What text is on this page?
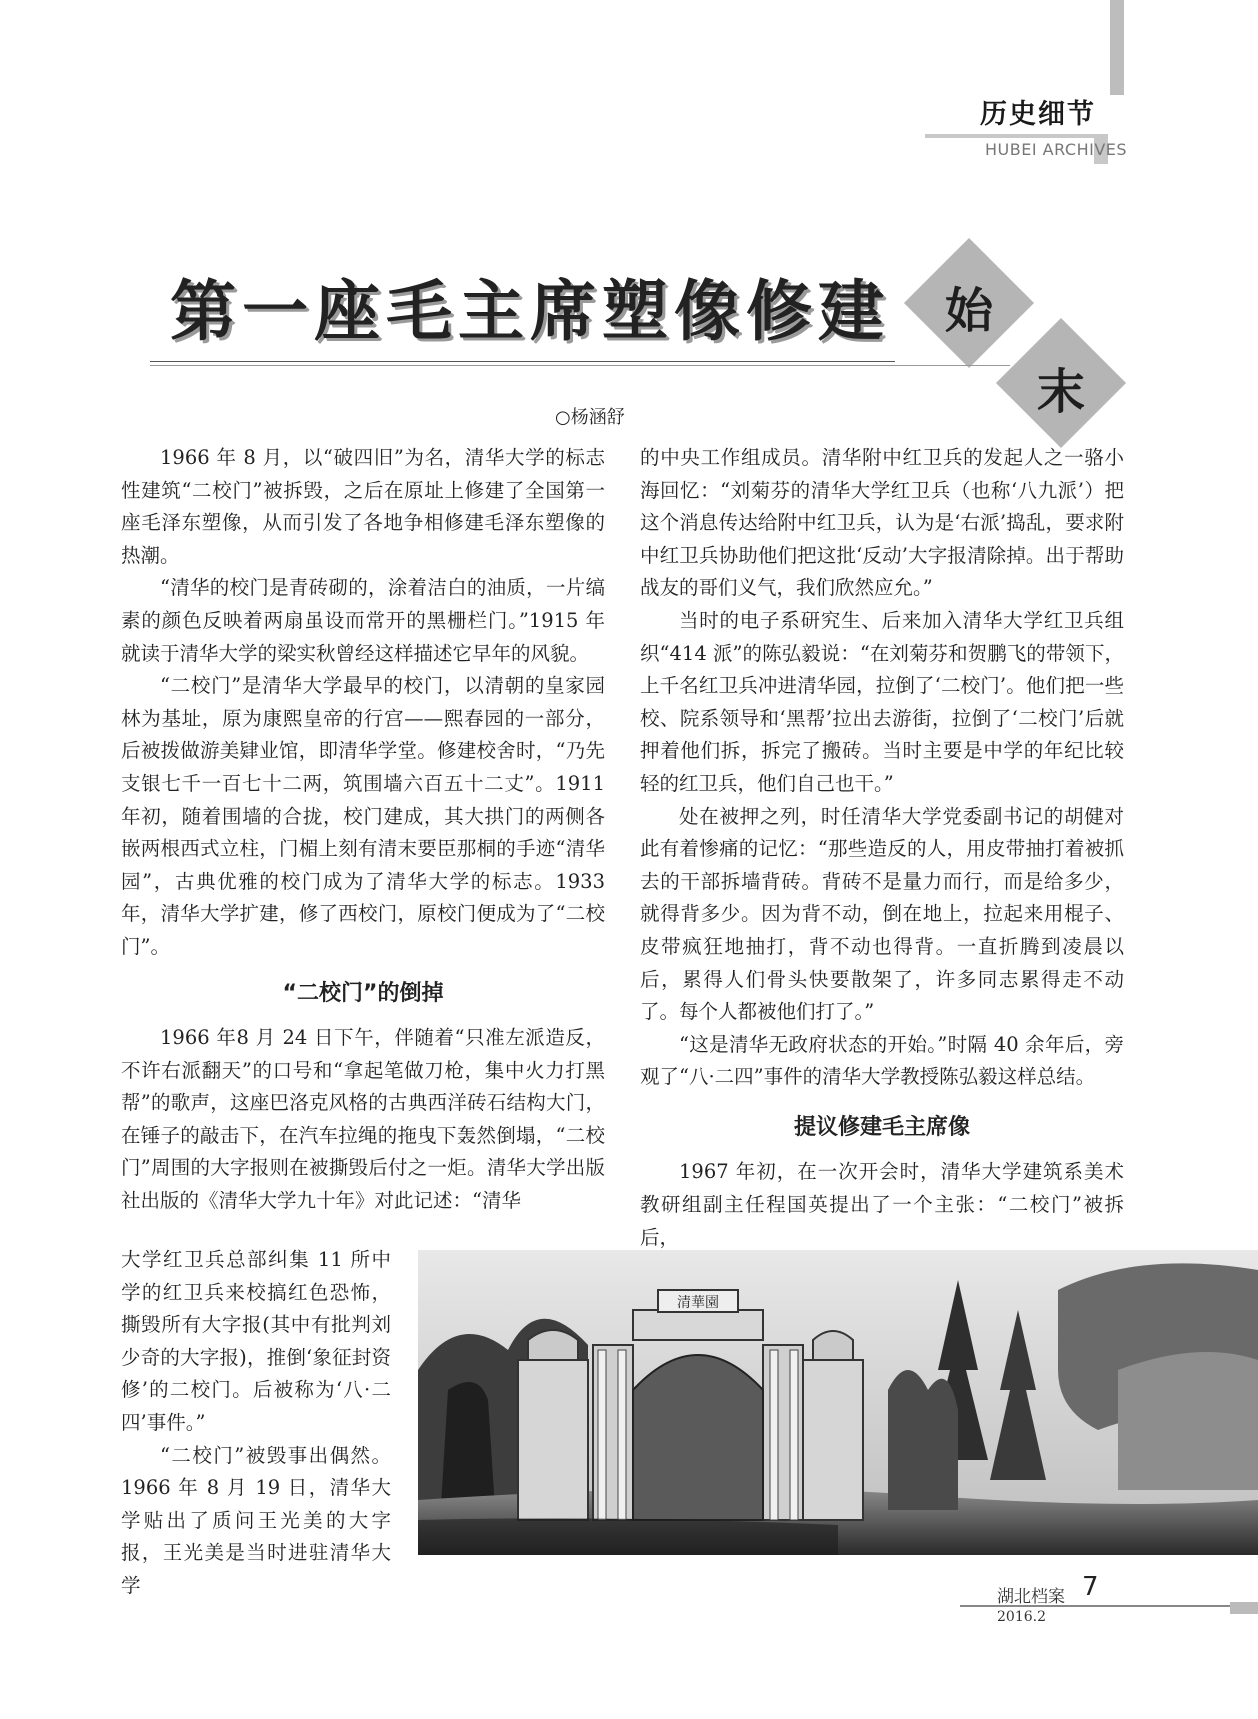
历史细节
HUBEI ARCHIVES
第一座毛主席塑像修建	始
末
○杨涵舒

1966 年 8 月，以“破四旧”为名，清华大学的标志性建筑“二校门”被拆毁，之后在原址上修建了全国第一座毛泽东塑像，从而引发了各地争相修建毛泽东塑像的热潮。

“清华的校门是青砖砌的，涂着洁白的油质，一片缟素的颜色反映着两扇虽设而常开的黑栅栏门。”1915 年就读于清华大学的梁实秋曾经这样描述它早年的风貌。

“二校门”是清华大学最早的校门，以清朝的皇家园林为基址，原为康熙皇帝的行宫——熙春园的一部分，后被拨做游美肄业馆，即清华学堂。修建校舍时，“乃先支银七千一百七十二两，筑围墙六百五十二丈”。1911 年初，随着围墙的合拢，校门建成，其大拱门的两侧各嵌两根西式立柱，门楣上刻有清末要臣那桐的手迹“清华园”，古典优雅的校门成为了清华大学的标志。1933 年，清华大学扩建，修了西校门，原校门便成为了“二校门”。

“二校门”的倒掉

1966 年8 月 24 日下午，伴随着“只准左派造反，不许右派翻天”的口号和“拿起笔做刀枪，集中火力打黑帮”的歌声，这座巴洛克风格的古典西洋砖石结构大门，在锤子的敲击下，在汽车拉绳的拖曳下轰然倒塌，“二校门”周围的大字报则在被撕毁后付之一炬。清华大学出版社出版的《清华大学九十年》对此记述：“清华

大学红卫兵总部纠集 11 所中学的红卫兵来校搞红色恐怖，撕毁所有大字报(其中有批判刘少奇的大字报)，推倒‘象征封资修’的二校门。后被称为‘八·二四’事件。”

“二校门”被毁事出偶然。1966 年 8 月 19 日，清华大学贴出了质问王光美的大字报，王光美是当时进驻清华大学

的中央工作组成员。清华附中红卫兵的发起人之一骆小海回忆：“刘菊芬的清华大学红卫兵（也称‘八九派’）把这个消息传达给附中红卫兵，认为是‘右派’捣乱，要求附中红卫兵协助他们把这批‘反动’大字报清除掉。出于帮助战友的哥们义气，我们欣然应允。”

当时的电子系研究生、后来加入清华大学红卫兵组织“414 派”的陈弘毅说：“在刘菊芬和贺鹏飞的带领下，上千名红卫兵冲进清华园，拉倒了‘二校门’。他们把一些校、院系领导和‘黑帮’拉出去游街，拉倒了‘二校门’后就押着他们拆，拆完了搬砖。当时主要是中学的年纪比较轻的红卫兵，他们自己也干。”

处在被押之列，时任清华大学党委副书记的胡健对此有着惨痛的记忆：“那些造反的人，用皮带抽打着被抓去的干部拆墙背砖。背砖不是量力而行，而是给多少，就得背多少。因为背不动，倒在地上，拉起来用棍子、皮带疯狂地抽打，背不动也得背。一直折腾到凌晨以后，累得人们骨头快要散架了，许多同志累得走不动了。每个人都被他们打了。”

“这是清华无政府状态的开始。”时隔 40 余年后，旁观了“八·二四”事件的清华大学教授陈弘毅这样总结。

提议修建毛主席像

1967 年初，在一次开会时，清华大学建筑系美术教研组副主任程国英提出了一个主张：“二校门”被拆后，

清華園
湖北档案 7
2016.2
